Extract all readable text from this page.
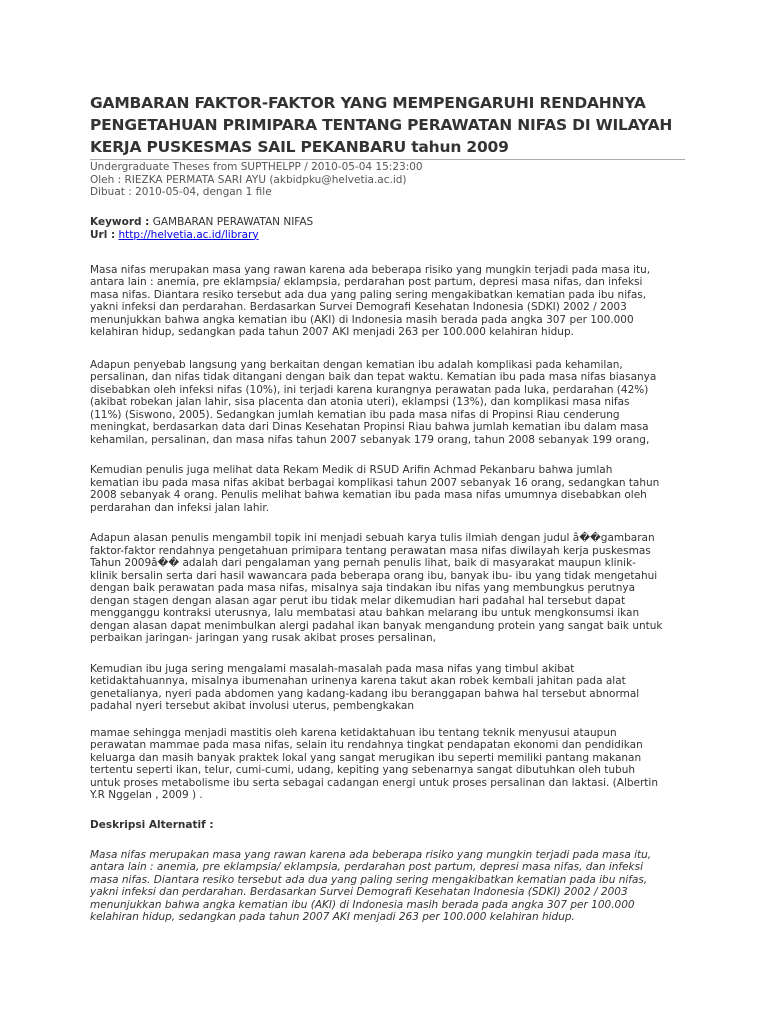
GAMBARAN FAKTOR-FAKTOR YANG MEMPENGARUHI RENDAHNYA
PENGETAHUAN PRIMIPARA TENTANG PERAWATAN NIFAS DI WILAYAH
KERJA PUSKESMAS SAIL PEKANBARU tahun 2009
Undergraduate Theses from SUPTHELPP / 2010-05-04 15:23:00
Oleh : RIEZKA PERMATA SARI AYU (akbidpku@helvetia.ac.id)
Dibuat : 2010-05-04, dengan 1 file
Keyword : GAMBARAN PERAWATAN NIFAS
Url : http://helvetia.ac.id/library

Masa nifas merupakan masa yang rawan karena ada beberapa risiko yang mungkin terjadi pada masa itu,
antara lain : anemia, pre eklampsia/ eklampsia, perdarahan post partum, depresi masa nifas, dan infeksi
masa nifas. Diantara resiko tersebut ada dua yang paling sering mengakibatkan kematian pada ibu nifas,
yakni infeksi dan perdarahan. Berdasarkan Survei Demografi Kesehatan Indonesia (SDKI) 2002 / 2003
menunjukkan bahwa angka kematian ibu (AKI) di Indonesia masih berada pada angka 307 per 100.000
kelahiran hidup, sedangkan pada tahun 2007 AKI menjadi 263 per 100.000 kelahiran hidup.

Adapun penyebab langsung yang berkaitan dengan kematian ibu adalah komplikasi pada kehamilan,
persalinan, dan nifas tidak ditangani dengan baik dan tepat waktu. Kematian ibu pada masa nifas biasanya
disebabkan oleh infeksi nifas (10%), ini terjadi karena kurangnya perawatan pada luka, perdarahan (42%)
(akibat robekan jalan lahir, sisa placenta dan atonia uteri), eklampsi (13%), dan komplikasi masa nifas
(11%) (Siswono, 2005). Sedangkan jumlah kematian ibu pada masa nifas di Propinsi Riau cenderung
meningkat, berdasarkan data dari Dinas Kesehatan Propinsi Riau bahwa jumlah kematian ibu dalam masa
kehamilan, persalinan, dan masa nifas tahun 2007 sebanyak 179 orang, tahun 2008 sebanyak 199 orang,

Kemudian penulis juga melihat data Rekam Medik di RSUD Arifin Achmad Pekanbaru bahwa jumlah
kematian ibu pada masa nifas akibat berbagai komplikasi tahun 2007 sebanyak 16 orang, sedangkan tahun
2008 sebanyak 4 orang. Penulis melihat bahwa kematian ibu pada masa nifas umumnya disebabkan oleh
perdarahan dan infeksi jalan lahir.

Adapun alasan penulis mengambil topik ini menjadi sebuah karya tulis ilmiah dengan judul â��gambaran
faktor-faktor rendahnya pengetahuan primipara tentang perawatan masa nifas diwilayah kerja puskesmas
Tahun 2009â�� adalah dari pengalaman yang pernah penulis lihat, baik di masyarakat maupun klinik-
klinik bersalin serta dari hasil wawancara pada beberapa orang ibu, banyak ibu- ibu yang tidak mengetahui
dengan baik perawatan pada masa nifas, misalnya saja tindakan ibu nifas yang membungkus perutnya
dengan stagen dengan alasan agar perut ibu tidak melar dikemudian hari padahal hal tersebut dapat
mengganggu kontraksi uterusnya, lalu membatasi atau bahkan melarang ibu untuk mengkonsumsi ikan
dengan alasan dapat menimbulkan alergi padahal ikan banyak mengandung protein yang sangat baik untuk
perbaikan jaringan- jaringan yang rusak akibat proses persalinan,

Kemudian ibu juga sering mengalami masalah-masalah pada masa nifas yang timbul akibat
ketidaktahuannya, misalnya ibumenahan urinenya karena takut akan robek kembali jahitan pada alat
genetalianya, nyeri pada abdomen yang kadang-kadang ibu beranggapan bahwa hal tersebut abnormal
padahal nyeri tersebut akibat involusi uterus, pembengkakan

mamae sehingga menjadi mastitis oleh karena ketidaktahuan ibu tentang teknik menyusui ataupun
perawatan mammae pada masa nifas, selain itu rendahnya tingkat pendapatan ekonomi dan pendidikan
keluarga dan masih banyak praktek lokal yang sangat merugikan ibu seperti memiliki pantang makanan
tertentu seperti ikan, telur, cumi-cumi, udang, kepiting yang sebenarnya sangat dibutuhkan oleh tubuh
untuk proses metabolisme ibu serta sebagai cadangan energi untuk proses persalinan dan laktasi. (Albertin
Y.R Nggelan , 2009 ) .

Deskripsi Alternatif :

Masa nifas merupakan masa yang rawan karena ada beberapa risiko yang mungkin terjadi pada masa itu,
antara lain : anemia, pre eklampsia/ eklampsia, perdarahan post partum, depresi masa nifas, dan infeksi
masa nifas. Diantara resiko tersebut ada dua yang paling sering mengakibatkan kematian pada ibu nifas,
yakni infeksi dan perdarahan. Berdasarkan Survei Demografi Kesehatan Indonesia (SDKI) 2002 / 2003
menunjukkan bahwa angka kematian ibu (AKI) di Indonesia masih berada pada angka 307 per 100.000
kelahiran hidup, sedangkan pada tahun 2007 AKI menjadi 263 per 100.000 kelahiran hidup.
